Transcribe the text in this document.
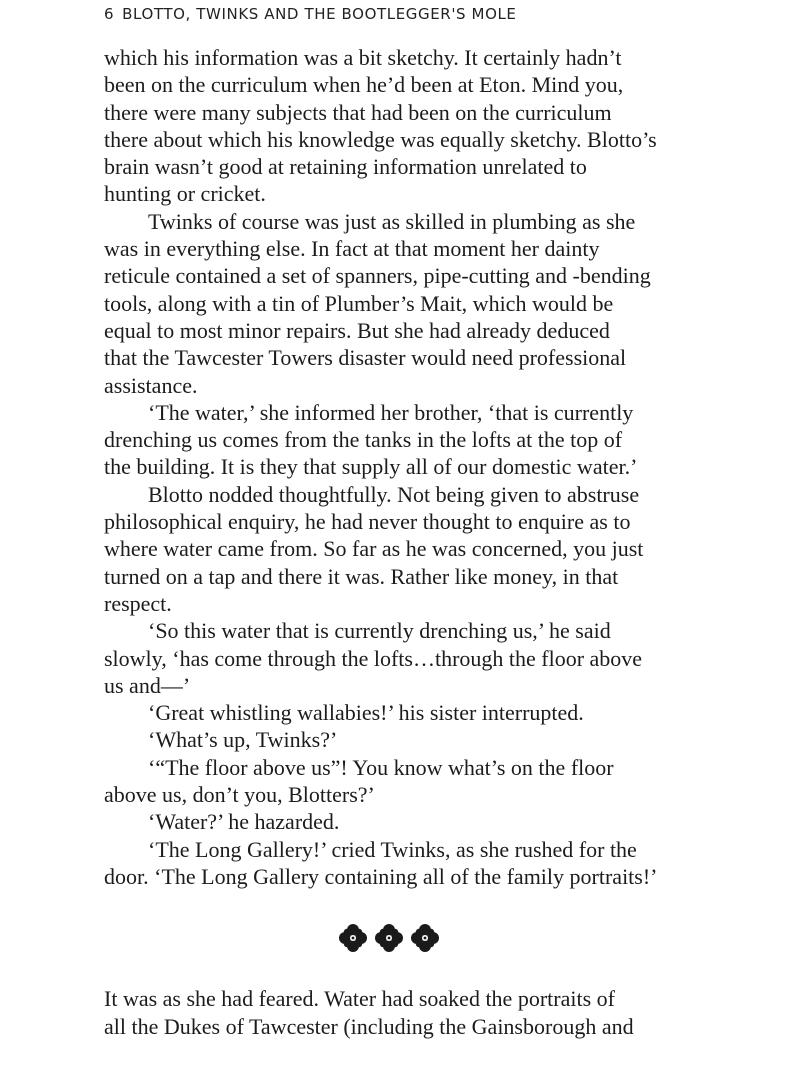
6 BLOTTO, TWINKS AND THE BOOTLEGGER'S MOLE

which his information was a bit sketchy. It certainly hadn’t
been on the curriculum when he’d been at Eton. Mind you,
there were many subjects that had been on the curriculum
there about which his knowledge was equally sketchy. Blotto’s
brain wasn’t good at retaining information unrelated to
hunting or cricket.

Twinks of course was just as skilled in plumbing as she
was in everything else. In fact at that moment her dainty
reticule contained a set of spanners, pipe-cutting and -bending
tools, along with a tin of Plumber’s Mait, which would be
equal to most minor repairs. But she had already deduced
that the Tawcester Towers disaster would need professional
assistance.

‘The water,’ she informed her brother, ‘that is currently
drenching us comes from the tanks in the lofts at the top of
the building. It is they that supply all of our domestic water.’

Blotto nodded thoughtfully. Not being given to abstruse
philosophical enquiry, he had never thought to enquire as to
where water came from. So far as he was concerned, you just
turned on a tap and there it was. Rather like money, in that
respect.

‘So this water that is currently drenching us,’ he said
slowly, ‘has come through the lofts…through the floor above
us and—’

‘Great whistling wallabies!’ his sister interrupted.

‘What’s up, Twinks?’

‘“The floor above us”! You know what’s on the floor
above us, don’t you, Blotters?’

‘Water?’ he hazarded.

‘The Long Gallery!’ cried Twinks, as she rushed for the
door. ‘The Long Gallery containing all of the family portraits!’

It was as she had feared. Water had soaked the portraits of
all the Dukes of Tawcester (including the Gainsborough and
